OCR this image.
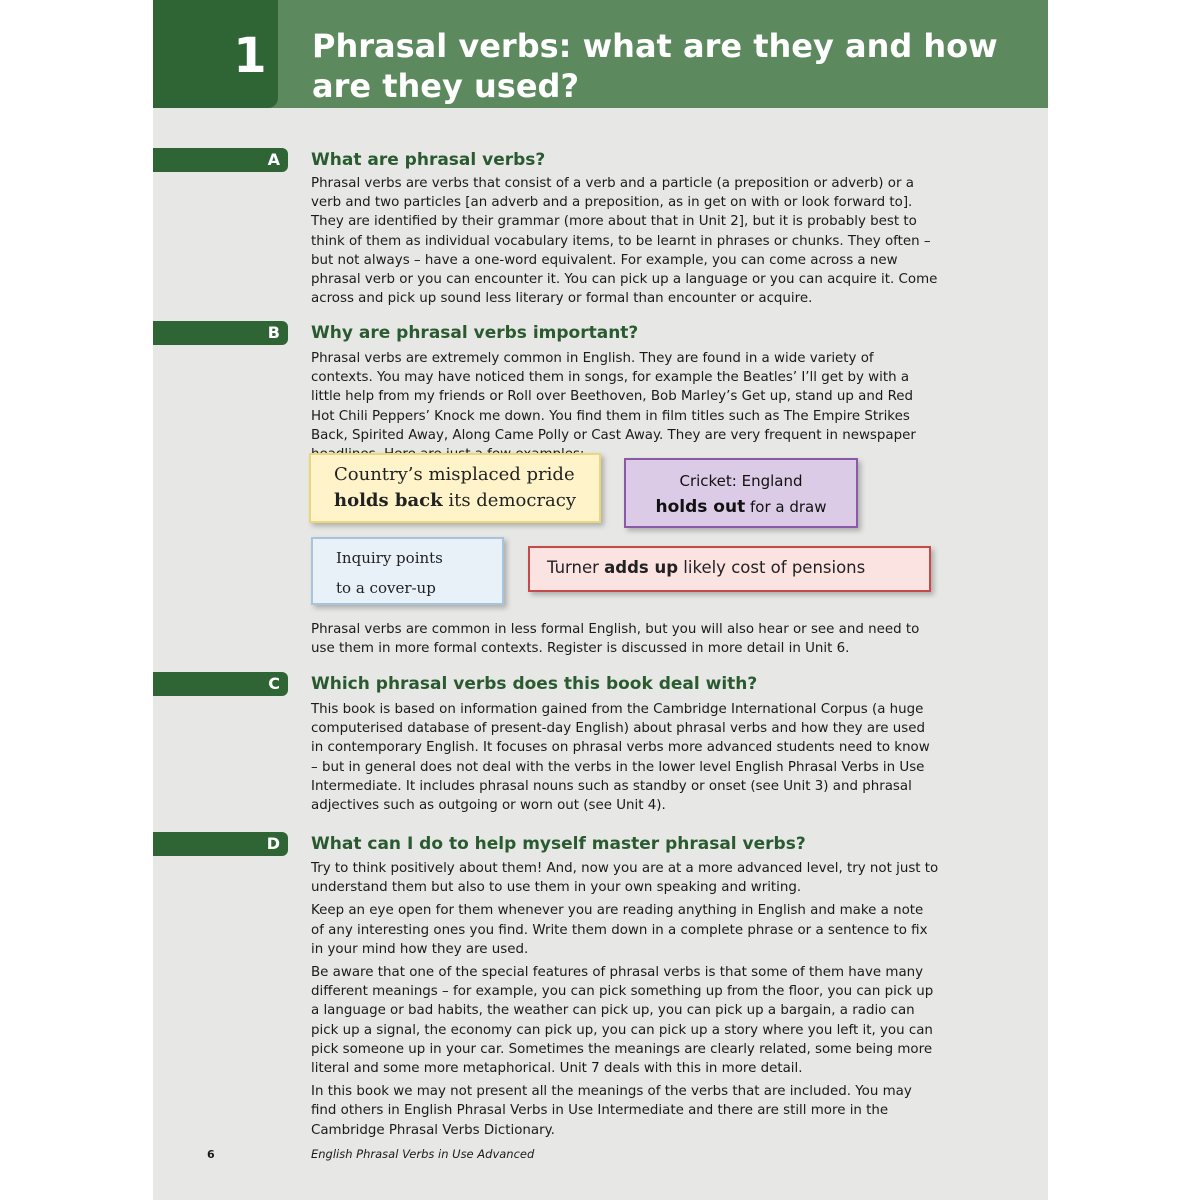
1	Phrasal verbs: what are they and how
are they used?
A What are phrasal verbs?

Phrasal verbs are verbs that consist of a verb and a particle (a preposition or adverb) or a verb and two particles [an adverb and a preposition, as in get on with or look forward to]. They are identified by their grammar (more about that in Unit 2], but it is probably best to think of them as individual vocabulary items, to be learnt in phrases or chunks. They often – but not always – have a one-word equivalent. For example, you can come across a new phrasal verb or you can encounter it. You can pick up a language or you can acquire it. Come across and pick up sound less literary or formal than encounter or acquire.

B Why are phrasal verbs important?

Phrasal verbs are extremely common in English. They are found in a wide variety of contexts. You may have noticed them in songs, for example the Beatles’ I’ll get by with a little help from my friends or Roll over Beethoven, Bob Marley’s Get up, stand up and Red Hot Chili Peppers’ Knock me down. You find them in film titles such as The Empire Strikes Back, Spirited Away, Along Came Polly or Cast Away. They are very frequent in newspaper

Country’s misplaced pride
holds back its democracy
Cricket: England
holds out for a draw
Inquiry points
to a cover-up
Turner adds up likely cost of pensions

Phrasal verbs are common in less formal English, but you will also hear or see and need to use them in more formal contexts. Register is discussed in more detail in Unit 6.

C Which phrasal verbs does this book deal with?

This book is based on information gained from the Cambridge International Corpus (a huge computerised database of present-day English) about phrasal verbs and how they are used in contemporary English. It focuses on phrasal verbs more advanced students need to know – but in general does not deal with the verbs in the lower level English Phrasal Verbs in Use Intermediate. It includes phrasal nouns such as standby or onset (see Unit 3) and phrasal adjectives such as outgoing or worn out (see Unit 4).

D What can I do to help myself master phrasal verbs?

Try to think positively about them! And, now you are at a more advanced level, try not just to understand them but also to use them in your own speaking and writing.

Keep an eye open for them whenever you are reading anything in English and make a note of any interesting ones you find. Write them down in a complete phrase or a sentence to fix in your mind how they are used.

Be aware that one of the special features of phrasal verbs is that some of them have many different meanings – for example, you can pick something up from the floor, you can pick up a language or bad habits, the weather can pick up, you can pick up a bargain, a radio can pick up a signal, the economy can pick up, you can pick up a story where you left it, you can pick someone up in your car. Sometimes the meanings are clearly related, some being more literal and some more metaphorical. Unit 7 deals with this in more detail.

In this book we may not present all the meanings of the verbs that are included. You may find others in English Phrasal Verbs in Use Intermediate and there are still more in the Cambridge Phrasal Verbs Dictionary.

6	English Phrasal Verbs in Use Advanced
